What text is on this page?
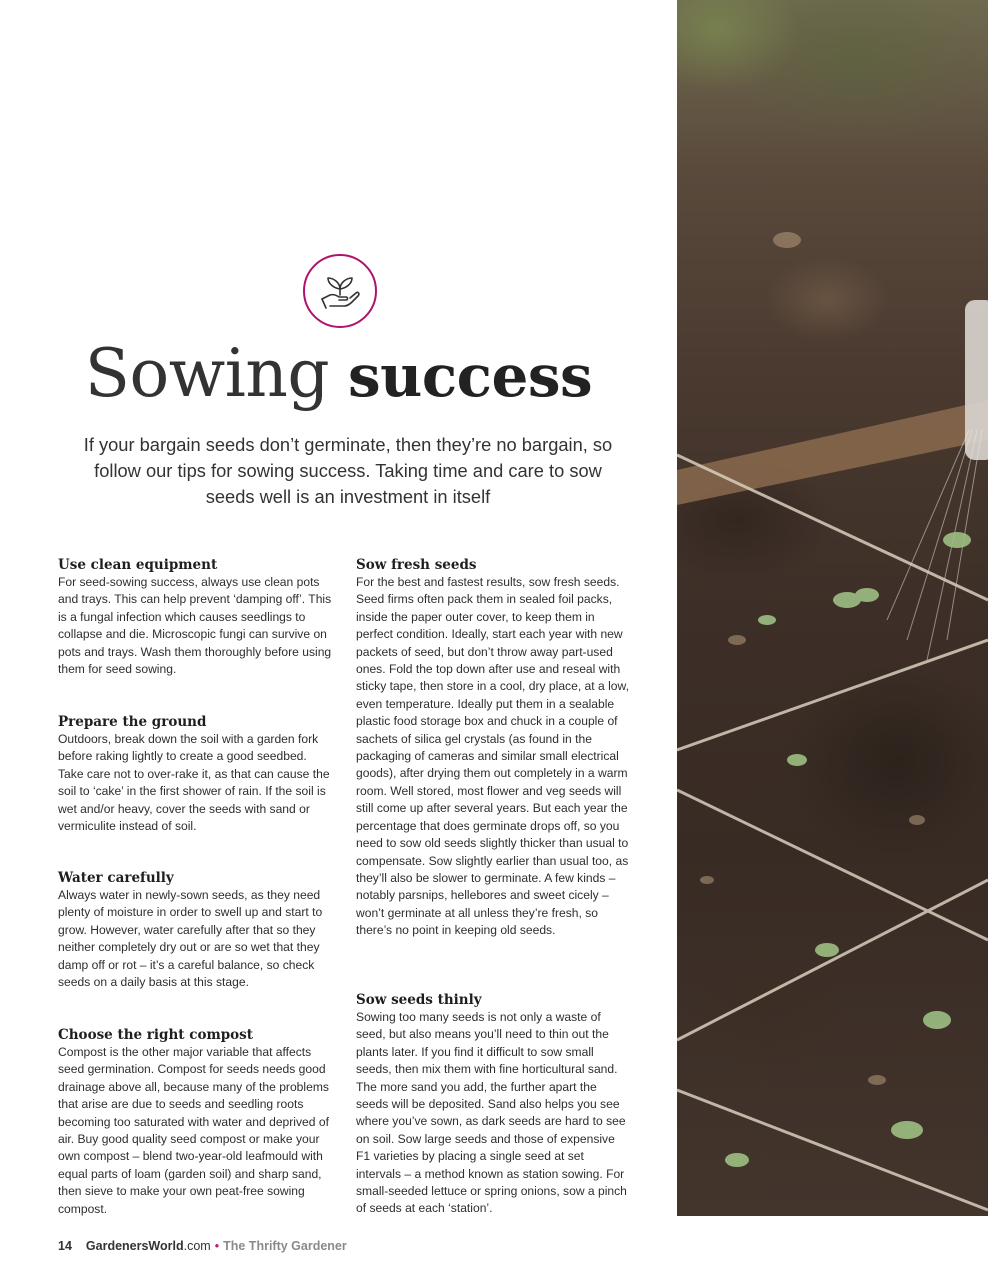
Sowing success
If your bargain seeds don’t germinate, then they’re no bargain, so follow our tips for sowing success. Taking time and care to sow seeds well is an investment in itself
Use clean equipment

For seed-sowing success, always use clean pots and trays. This can help prevent ‘damping off’. This is a fungal infection which causes seedlings to collapse and die. Microscopic fungi can survive on pots and trays. Wash them thoroughly before using them for seed sowing.

Prepare the ground

Outdoors, break down the soil with a garden fork before raking lightly to create a good seedbed. Take care not to over-rake it, as that can cause the soil to ‘cake’ in the first shower of rain. If the soil is wet and/or heavy, cover the seeds with sand or vermiculite instead of soil.

Water carefully

Always water in newly-sown seeds, as they need plenty of moisture in order to swell up and start to grow. However, water carefully after that so they neither completely dry out or are so wet that they damp off or rot – it’s a careful balance, so check seeds on a daily basis at this stage.

Choose the right compost

Compost is the other major variable that affects seed germination. Compost for seeds needs good drainage above all, because many of the problems that arise are due to seeds and seedling roots becoming too saturated with water and deprived of air. Buy good quality seed compost or make your own compost – blend two-year-old leafmould with equal parts of loam (garden soil) and sharp sand, then sieve to make your own peat-free sowing compost.

Sow fresh seeds

For the best and fastest results, sow fresh seeds. Seed firms often pack them in sealed foil packs, inside the paper outer cover, to keep them in perfect condition. Ideally, start each year with new packets of seed, but don’t throw away part-used ones. Fold the top down after use and reseal with sticky tape, then store in a cool, dry place, at a low, even temperature. Ideally put them in a sealable plastic food storage box and chuck in a couple of sachets of silica gel crystals (as found in the packaging of cameras and similar small electrical goods), after drying them out completely in a warm room. Well stored, most flower and veg seeds will still come up after several years. But each year the percentage that does germinate drops off, so you need to sow old seeds slightly thicker than usual to compensate. Sow slightly earlier than usual too, as they’ll also be slower to germinate. A few kinds – notably parsnips, hellebores and sweet cicely – won’t germinate at all unless they’re fresh, so there’s no point in keeping old seeds.

Sow seeds thinly

Sowing too many seeds is not only a waste of seed, but also means you’ll need to thin out the plants later. If you find it difficult to sow small seeds, then mix them with fine horticultural sand. The more sand you add, the further apart the seeds will be deposited. Sand also helps you see where you’ve sown, as dark seeds are hard to see on soil. Sow large seeds and those of expensive F1 varieties by placing a single seed at set intervals – a method known as station sowing. For small-seeded lettuce or spring onions, sow a pinch of seeds at each ‘station’.

14 GardenersWorld.com • The Thrifty Gardener
